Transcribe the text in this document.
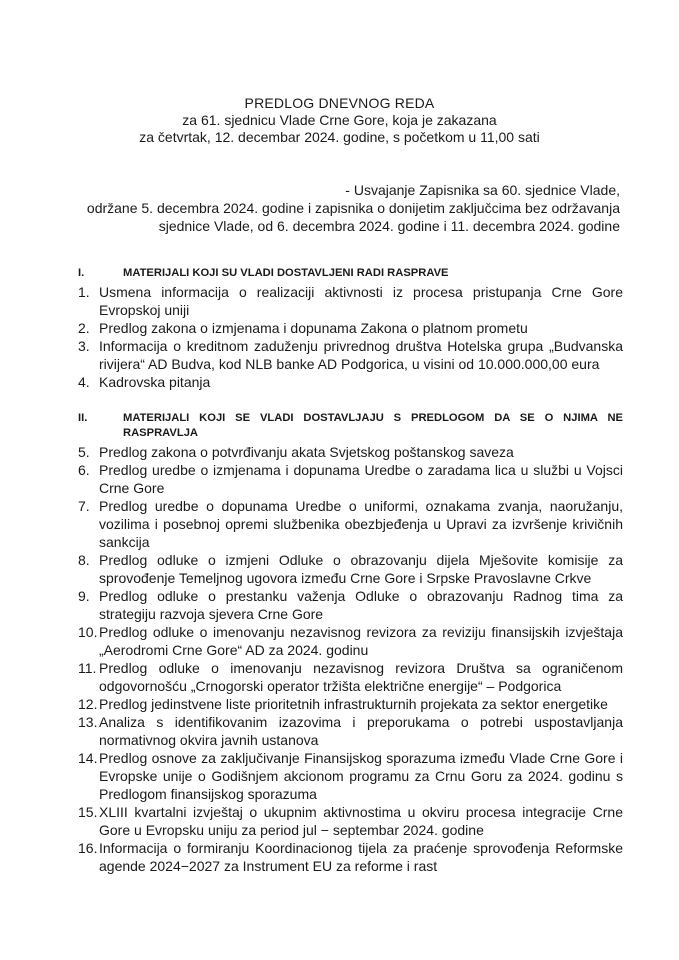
PREDLOG DNEVNOG REDA
za 61. sjednicu Vlade Crne Gore, koja je zakazana
za četvrtak, 12. decembar 2024. godine, s početkom u 11,00 sati
- Usvajanje Zapisnika sa 60. sjednice Vlade,
održane 5. decembra 2024. godine i zapisnika o donijetim zaključcima bez održavanja
sjednice Vlade, od 6. decembra 2024. godine i 11. decembra 2024. godine
I.	MATERIJALI KOJI SU VLADI DOSTAVLJENI RADI RASPRAVE
1. Usmena informacija o realizaciji aktivnosti iz procesa pristupanja Crne Gore Evropskoj uniji
2. Predlog zakona o izmjenama i dopunama Zakona o platnom prometu
3. Informacija o kreditnom zaduženju privrednog društva Hotelska grupa „Budvanska rivijera“ AD Budva, kod NLB banke AD Podgorica, u visini od 10.000.000,00 eura
4. Kadrovska pitanja
II.	MATERIJALI KOJI SE VLADI DOSTAVLJAJU S PREDLOGOM DA SE O NJIMA NE RASPRAVLJA
5. Predlog zakona o potvrđivanju akata Svjetskog poštanskog saveza
6. Predlog uredbe o izmjenama i dopunama Uredbe o zaradama lica u službi u Vojsci Crne Gore
7. Predlog uredbe o dopunama Uredbe o uniformi, oznakama zvanja, naoružanju, vozilima i posebnoj opremi službenika obezbjeđenja u Upravi za izvršenje krivičnih sankcija
8. Predlog odluke o izmjeni Odluke o obrazovanju dijela Mješovite komisije za sprovođenje Temeljnog ugovora između Crne Gore i Srpske Pravoslavne Crkve
9. Predlog odluke o prestanku važenja Odluke o obrazovanju Radnog tima za strategiju razvoja sjevera Crne Gore
10. Predlog odluke o imenovanju nezavisnog revizora za reviziju finansijskih izvještaja „Aerodromi Crne Gore“ AD za 2024. godinu
11. Predlog odluke o imenovanju nezavisnog revizora Društva sa ograničenom odgovornošću „Crnogorski operator tržišta električne energije“ – Podgorica
12. Predlog jedinstvene liste prioritetnih infrastrukturnih projekata za sektor energetike
13. Analiza s identifikovanim izazovima i preporukama o potrebi uspostavljanja normativnog okvira javnih ustanova
14. Predlog osnove za zaključivanje Finansijskog sporazuma između Vlade Crne Gore i Evropske unije o Godišnjem akcionom programu za Crnu Goru za 2024. godinu s Predlogom finansijskog sporazuma
15. XLIII kvartalni izvještaj o ukupnim aktivnostima u okviru procesa integracije Crne Gore u Evropsku uniju za period jul − septembar 2024. godine
16. Informacija o formiranju Koordinacionog tijela za praćenje sprovođenja Reformske agende 2024−2027 za Instrument EU za reforme i rast
